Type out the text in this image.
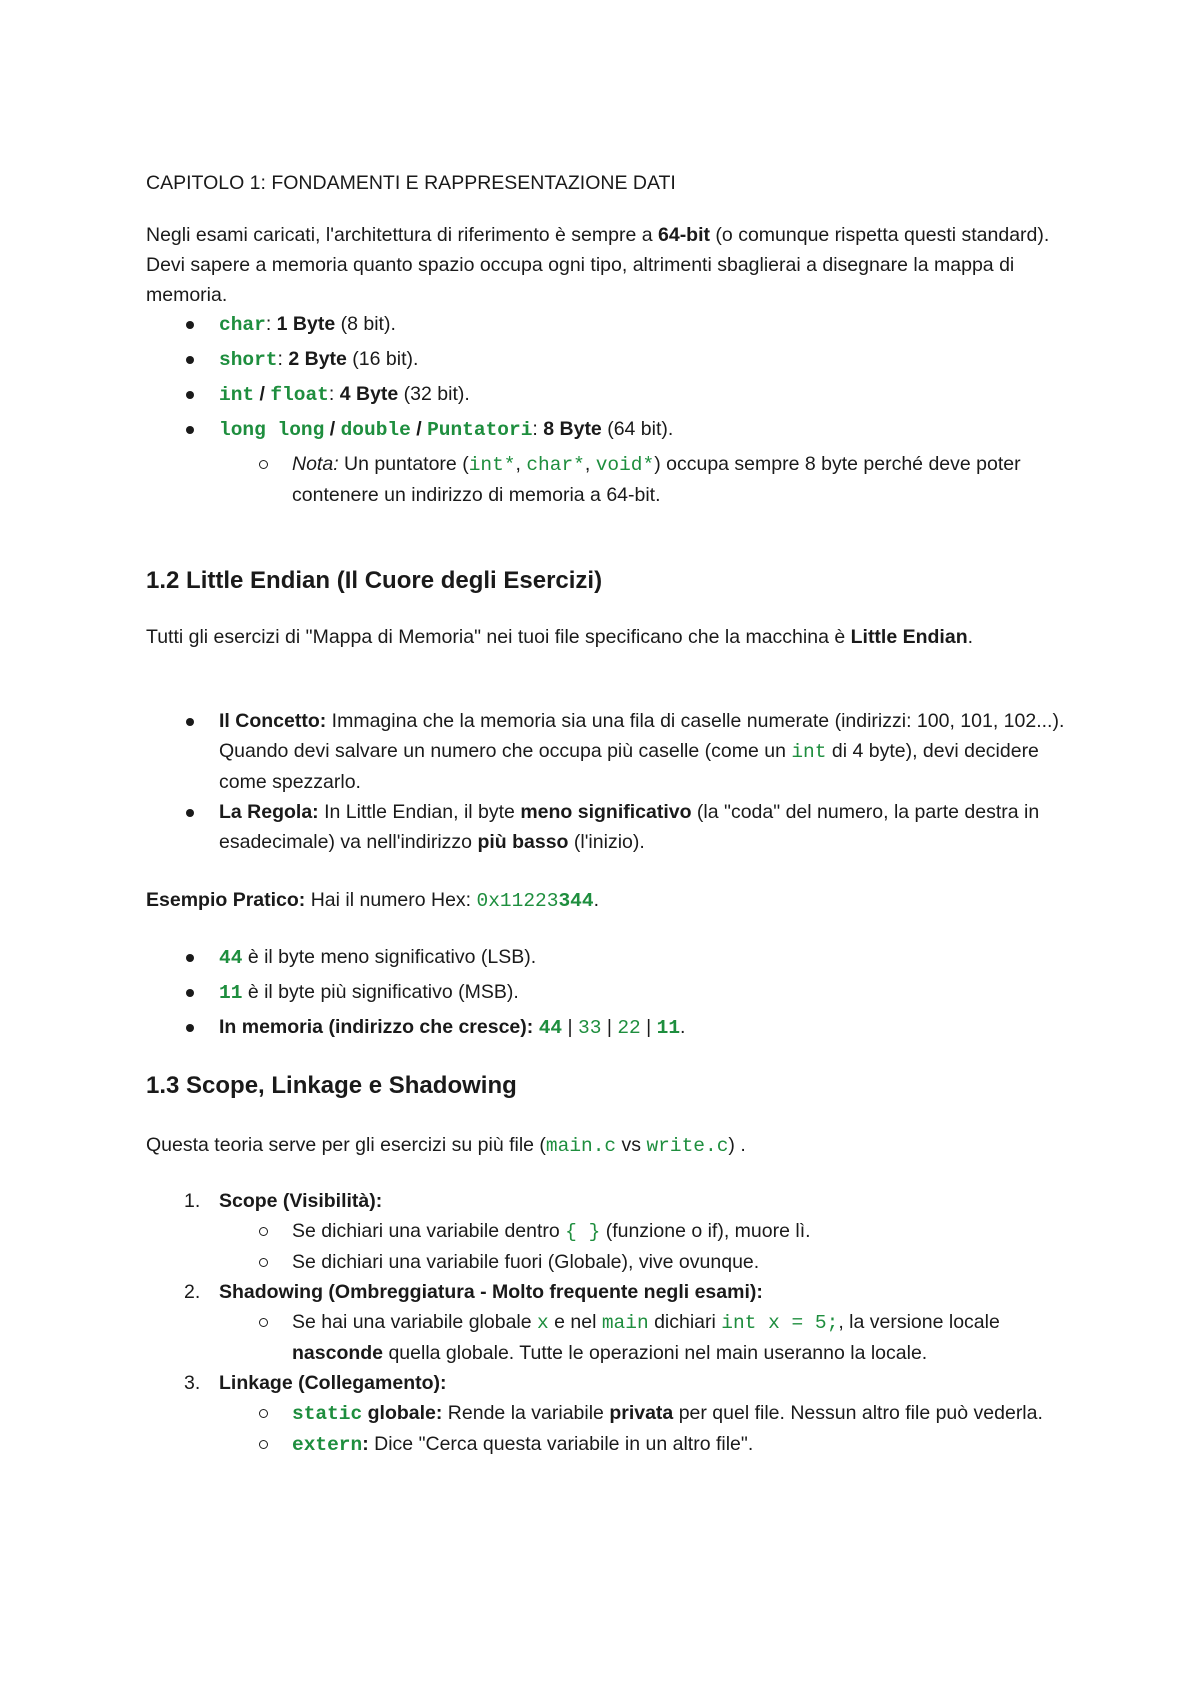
CAPITOLO 1: FONDAMENTI E RAPPRESENTAZIONE DATI

Negli esami caricati, l'architettura di riferimento è sempre a 64-bit (o comunque rispetta questi standard). Devi sapere a memoria quanto spazio occupa ogni tipo, altrimenti sbaglierai a disegnare la mappa di memoria.

char: 1 Byte (8 bit).
short: 2 Byte (16 bit).
int / float: 4 Byte (32 bit).
long long / double / Puntatori: 8 Byte (64 bit).
Nota: Un puntatore (int*, char*, void*) occupa sempre 8 byte perché deve poter contenere un indirizzo di memoria a 64-bit.
1.2 Little Endian (Il Cuore degli Esercizi)

Tutti gli esercizi di "Mappa di Memoria" nei tuoi file specificano che la macchina è Little Endian.

Il Concetto: Immagina che la memoria sia una fila di caselle numerate (indirizzi: 100, 101, 102...). Quando devi salvare un numero che occupa più caselle (come un int di 4 byte), devi decidere come spezzarlo.
La Regola: In Little Endian, il byte meno significativo (la "coda" del numero, la parte destra in esadecimale) va nell'indirizzo più basso (l'inizio).

Esempio Pratico: Hai il numero Hex: 0x11223344.

44 è il byte meno significativo (LSB).
11 è il byte più significativo (MSB).
In memoria (indirizzo che cresce): 44 | 33 | 22 | 11.
1.3 Scope, Linkage e Shadowing

Questa teoria serve per gli esercizi su più file (main.c vs write.c) .

1. Scope (Visibilità):
Se dichiari una variabile dentro { } (funzione o if), muore lì.
Se dichiari una variabile fuori (Globale), vive ovunque.
2. Shadowing (Ombreggiatura - Molto frequente negli esami):
Se hai una variabile globale x e nel main dichiari int x = 5;, la versione locale nasconde quella globale. Tutte le operazioni nel main useranno la locale.
3. Linkage (Collegamento):
static globale: Rende la variabile privata per quel file. Nessun altro file può vederla.
extern: Dice "Cerca questa variabile in un altro file".
